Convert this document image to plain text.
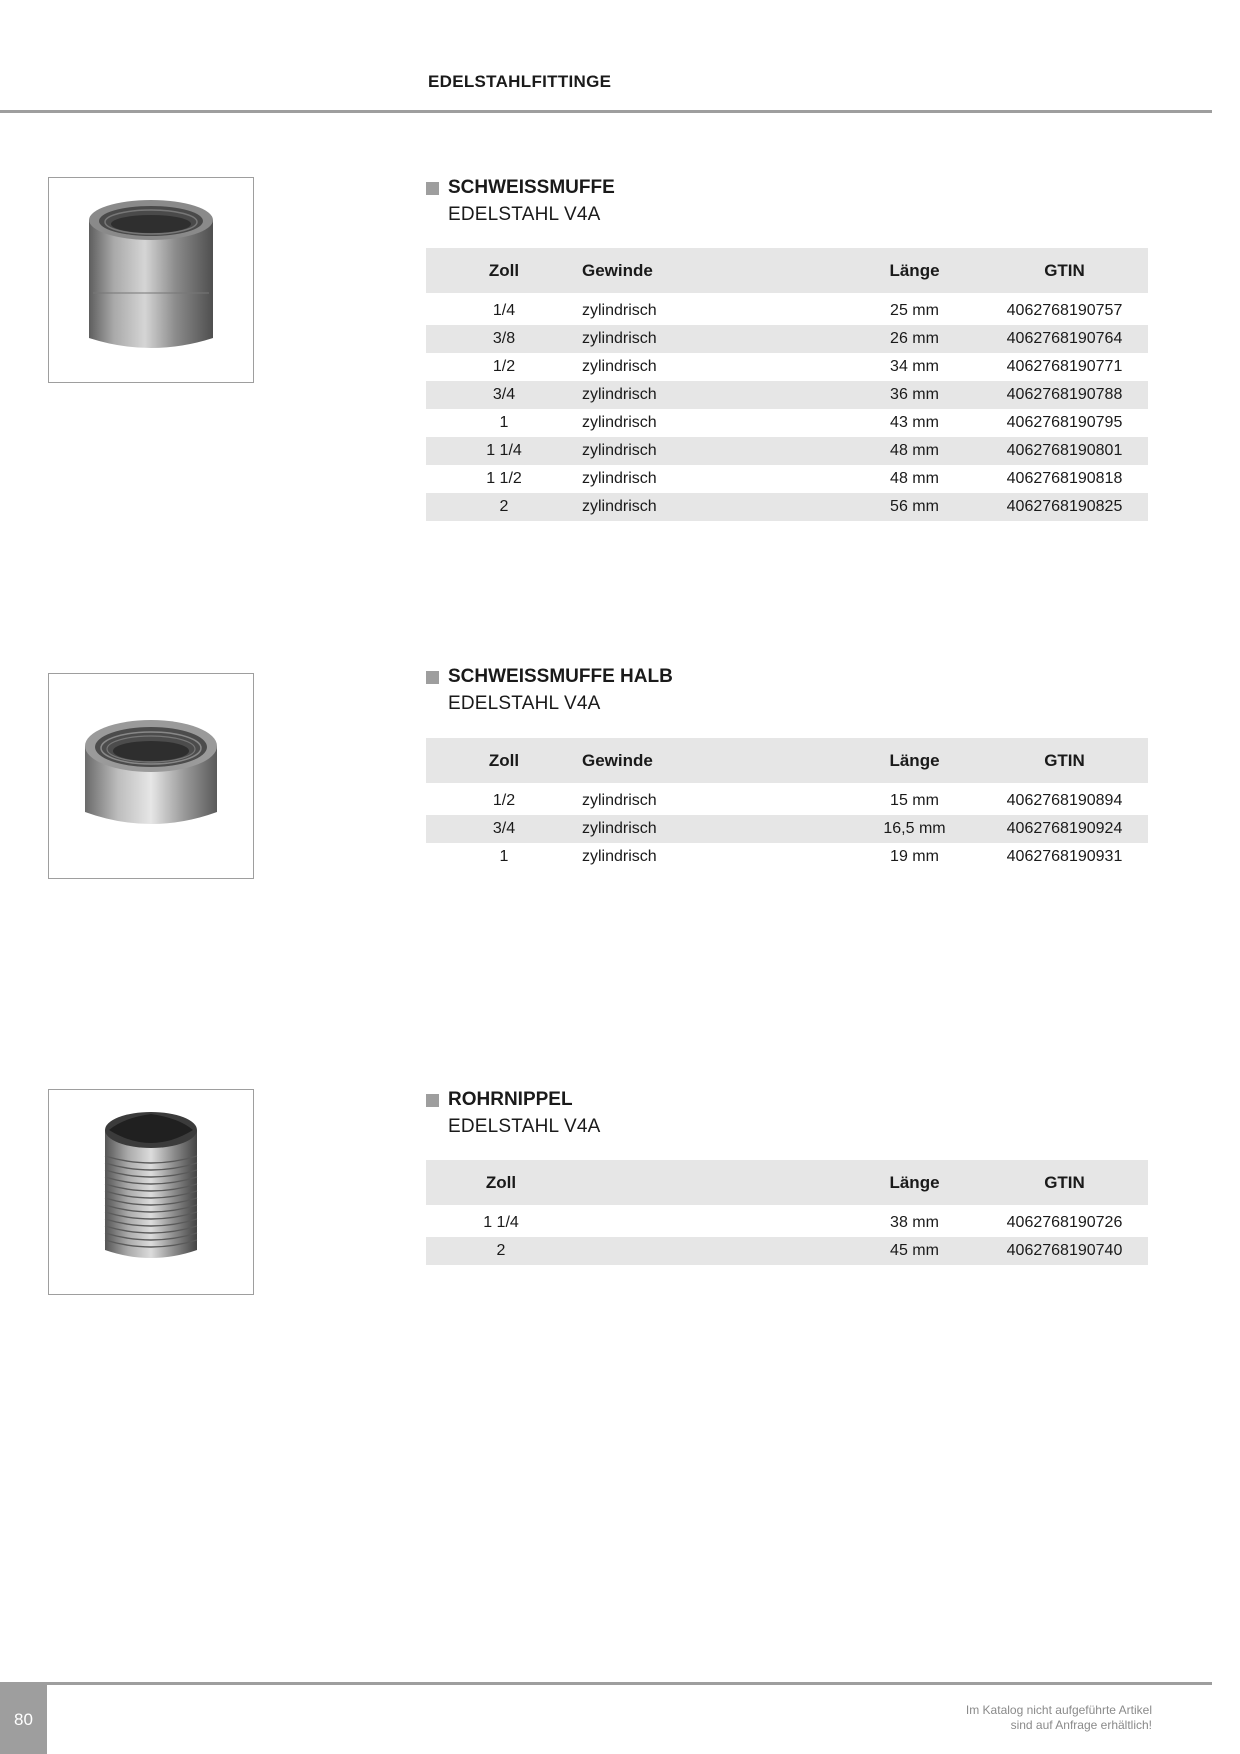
EDELSTAHLFITTINGE
SCHWEISSMUFFE
EDELSTAHL V4A
Zoll	Gewinde	Länge	GTIN

1/4	zylindrisch	25 mm	4062768190757
3/8	zylindrisch	26 mm	4062768190764
1/2	zylindrisch	34 mm	4062768190771
3/4	zylindrisch	36 mm	4062768190788
1	zylindrisch	43 mm	4062768190795
1 1/4	zylindrisch	48 mm	4062768190801
1 1/2	zylindrisch	48 mm	4062768190818
2	zylindrisch	56 mm	4062768190825
SCHWEISSMUFFE HALB
EDELSTAHL V4A
Zoll	Gewinde	Länge	GTIN

1/2	zylindrisch	15 mm	4062768190894
3/4	zylindrisch	16,5 mm	4062768190924
1	zylindrisch	19 mm	4062768190931
ROHRNIPPEL
EDELSTAHL V4A
Zoll		Länge	GTIN

1 1/4		38 mm	4062768190726
2		45 mm	4062768190740
80	Im Katalog nicht aufgeführte Artikel
sind auf Anfrage erhältlich!
